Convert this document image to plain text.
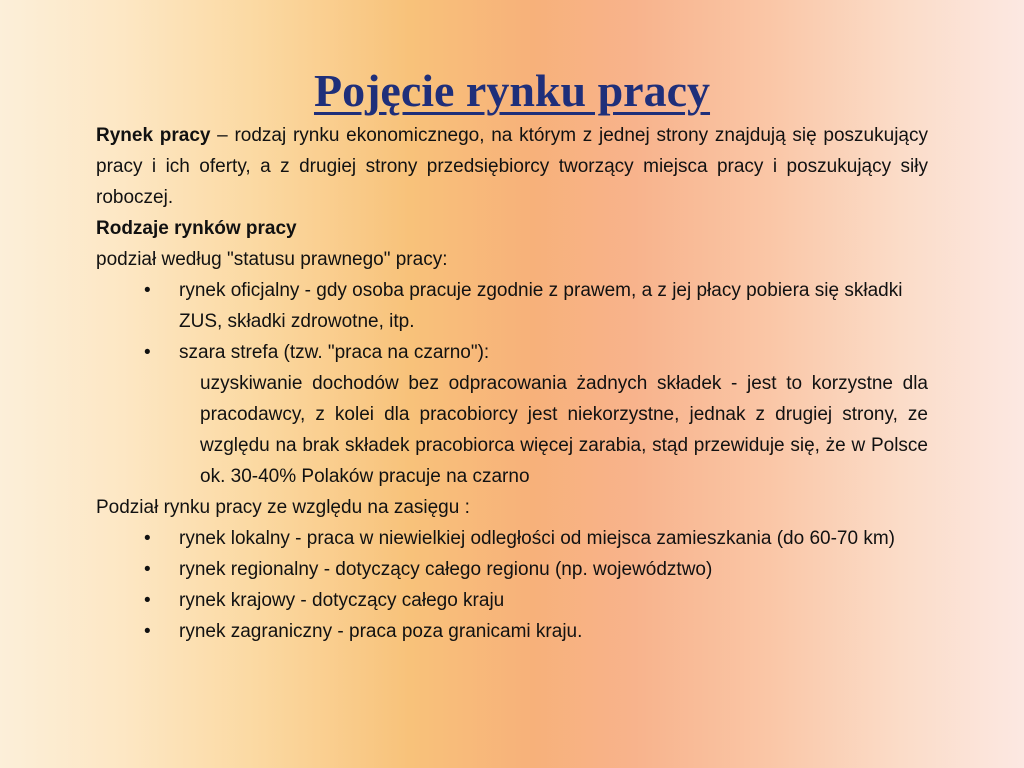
Pojęcie rynku pracy

Rynek pracy – rodzaj rynku ekonomicznego, na którym z jednej strony znajdują się poszukujący pracy i ich oferty, a z drugiej strony przedsiębiorcy tworzący miejsca pracy i poszukujący siły roboczej.

Rodzaje rynków pracy

podział według "statusu prawnego" pracy:

• rynek oficjalny - gdy osoba pracuje zgodnie z prawem, a z jej płacy pobiera się składki ZUS, składki zdrowotne, itp.
• szara strefa (tzw. "praca na czarno"):

uzyskiwanie dochodów bez odpracowania żadnych składek - jest to korzystne dla pracodawcy, z kolei dla pracobiorcy jest niekorzystne, jednak z drugiej strony, ze względu na brak składek pracobiorca więcej zarabia, stąd przewiduje się, że w Polsce ok. 30-40% Polaków pracuje na czarno

Podział rynku pracy ze względu na zasięgu :

• rynek lokalny - praca w niewielkiej odległości od miejsca zamieszkania (do 60-70 km)
• rynek regionalny - dotyczący całego regionu (np. województwo)
• rynek krajowy - dotyczący całego kraju
• rynek zagraniczny - praca poza granicami kraju.
